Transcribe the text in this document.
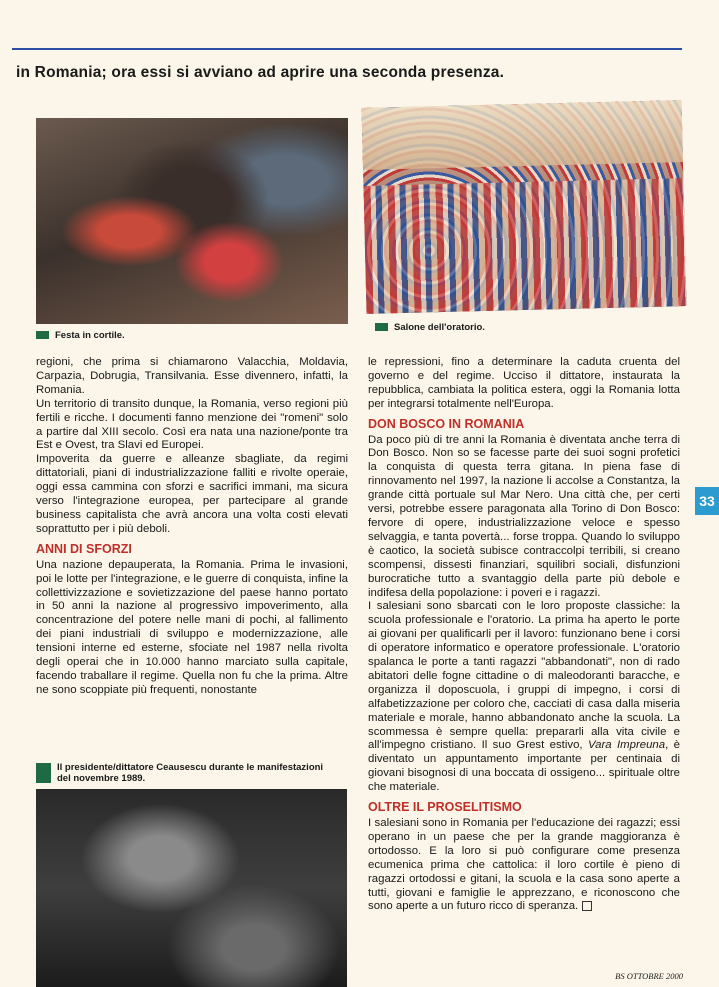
in Romania; ora essi si avviano ad aprire una seconda presenza.
Festa in cortile.
Salone dell'oratorio.

regioni, che prima si chiamarono Valacchia, Moldavia, Carpazia, Dobrugia, Transilvania. Esse divennero, infatti, la Romania.

Un territorio di transito dunque, la Romania, verso regioni più fertili e ricche. I documenti fanno menzione dei "romeni" solo a partire dal XIII secolo. Così era nata una nazione/ponte tra Est e Ovest, tra Slavi ed Europei.

Impoverita da guerre e alleanze sbagliate, da regimi dittatoriali, piani di industrializzazione falliti e rivolte operaie, oggi essa cammina con sforzi e sacrifici immani, ma sicura verso l'integrazione europea, per partecipare al grande business capitalista che avrà ancora una volta costi elevati soprattutto per i più deboli.

ANNI DI SFORZI

Una nazione depauperata, la Romania. Prima le invasioni, poi le lotte per l'integrazione, e le guerre di conquista, infine la collettivizzazione e sovietizzazione del paese hanno portato in 50 anni la nazione al progressivo impoverimento, alla concentrazione del potere nelle mani di pochi, al fallimento dei piani industriali di sviluppo e modernizzazione, alle tensioni interne ed esterne, sfociate nel 1987 nella rivolta degli operai che in 10.000 hanno marciato sulla capitale, facendo traballare il regime. Quella non fu che la prima. Altre ne sono scoppiate più frequenti, nonostante

Il presidente/dittatore Ceausescu durante le manifestazioni del novembre 1989.

le repressioni, fino a determinare la caduta cruenta del governo e del regime. Ucciso il dittatore, instaurata la repubblica, cambiata la politica estera, oggi la Romania lotta per integrarsi totalmente nell'Europa.

DON BOSCO IN ROMANIA

Da poco più di tre anni la Romania è diventata anche terra di Don Bosco. Non so se facesse parte dei suoi sogni profetici la conquista di questa terra gitana. In piena fase di rinnovamento nel 1997, la nazione li accolse a Constantza, la grande città portuale sul Mar Nero. Una città che, per certi versi, potrebbe essere paragonata alla Torino di Don Bosco: fervore di opere, industrializzazione veloce e spesso selvaggia, e tanta povertà... forse troppa. Quando lo sviluppo è caotico, la società subisce contraccolpi terribili, si creano scompensi, dissesti finanziari, squilibri sociali, disfunzioni burocratiche tutto a svantaggio della parte più debole e indifesa della popolazione: i poveri e i ragazzi.

I salesiani sono sbarcati con le loro proposte classiche: la scuola professionale e l'oratorio. La prima ha aperto le porte ai giovani per qualificarli per il lavoro: funzionano bene i corsi di operatore informatico e operatore professionale. L'oratorio spalanca le porte a tanti ragazzi "abbandonati", non di rado abitatori delle fogne cittadine o di maleodoranti baracche, e organizza il doposcuola, i gruppi di impegno, i corsi di alfabetizzazione per coloro che, cacciati di casa dalla miseria materiale e morale, hanno abbandonato anche la scuola. La scommessa è sempre quella: prepararli alla vita civile e all'impegno cristiano. Il suo Grest estivo, Vara Impreuna, è diventato un appuntamento importante per centinaia di giovani bisognosi di una boccata di ossigeno... spirituale oltre che materiale.

OLTRE IL PROSELITISMO

I salesiani sono in Romania per l'educazione dei ragazzi; essi operano in un paese che per la grande maggioranza è ortodosso. E la loro si può configurare come presenza ecumenica prima che cattolica: il loro cortile è pieno di ragazzi ortodossi e gitani, la scuola e la casa sono aperte a tutti, giovani e famiglie le apprezzano, e riconoscono che sono aperte a un futuro ricco di speranza.

33
BS OTTOBRE 2000
